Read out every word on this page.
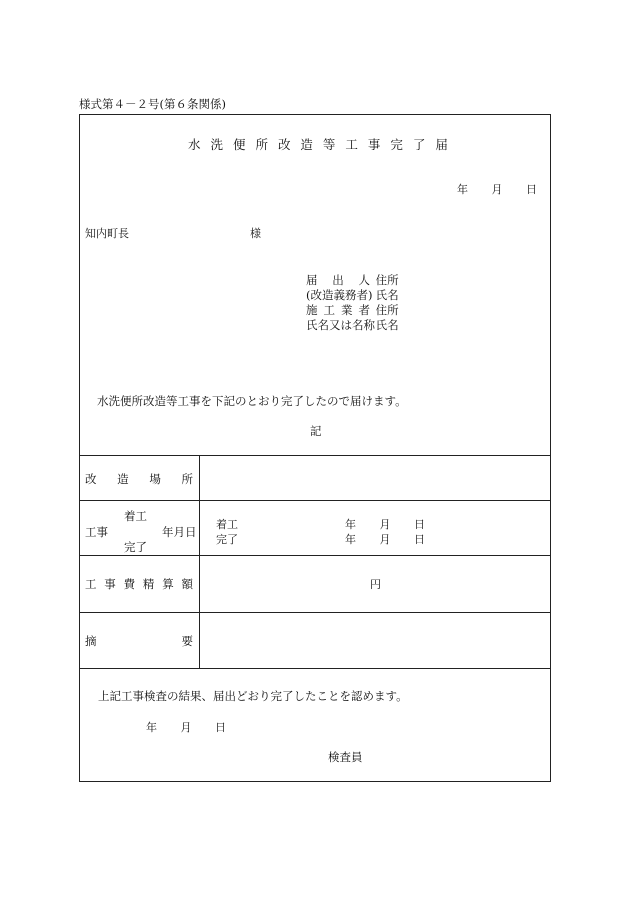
様式第４－２号(第６条関係)
水 洗 便 所 改 造 等 工 事 完 了 届
年 月 日
知内町長	様
届 出 人 住所
(改造義務者) 氏名
施 工 業 者 住所
氏名又は名称 氏名
水洗便所改造等工事を下記のとおり完了したので届けます。
記
改 造 場 所
着工
工事	年月日
完了
着工	年 月 日
完了	年 月 日
工 事 費 精 算 額	円
摘	要
上記工事検査の結果、届出どおり完了したことを認めます。
年 月 日
検査員
